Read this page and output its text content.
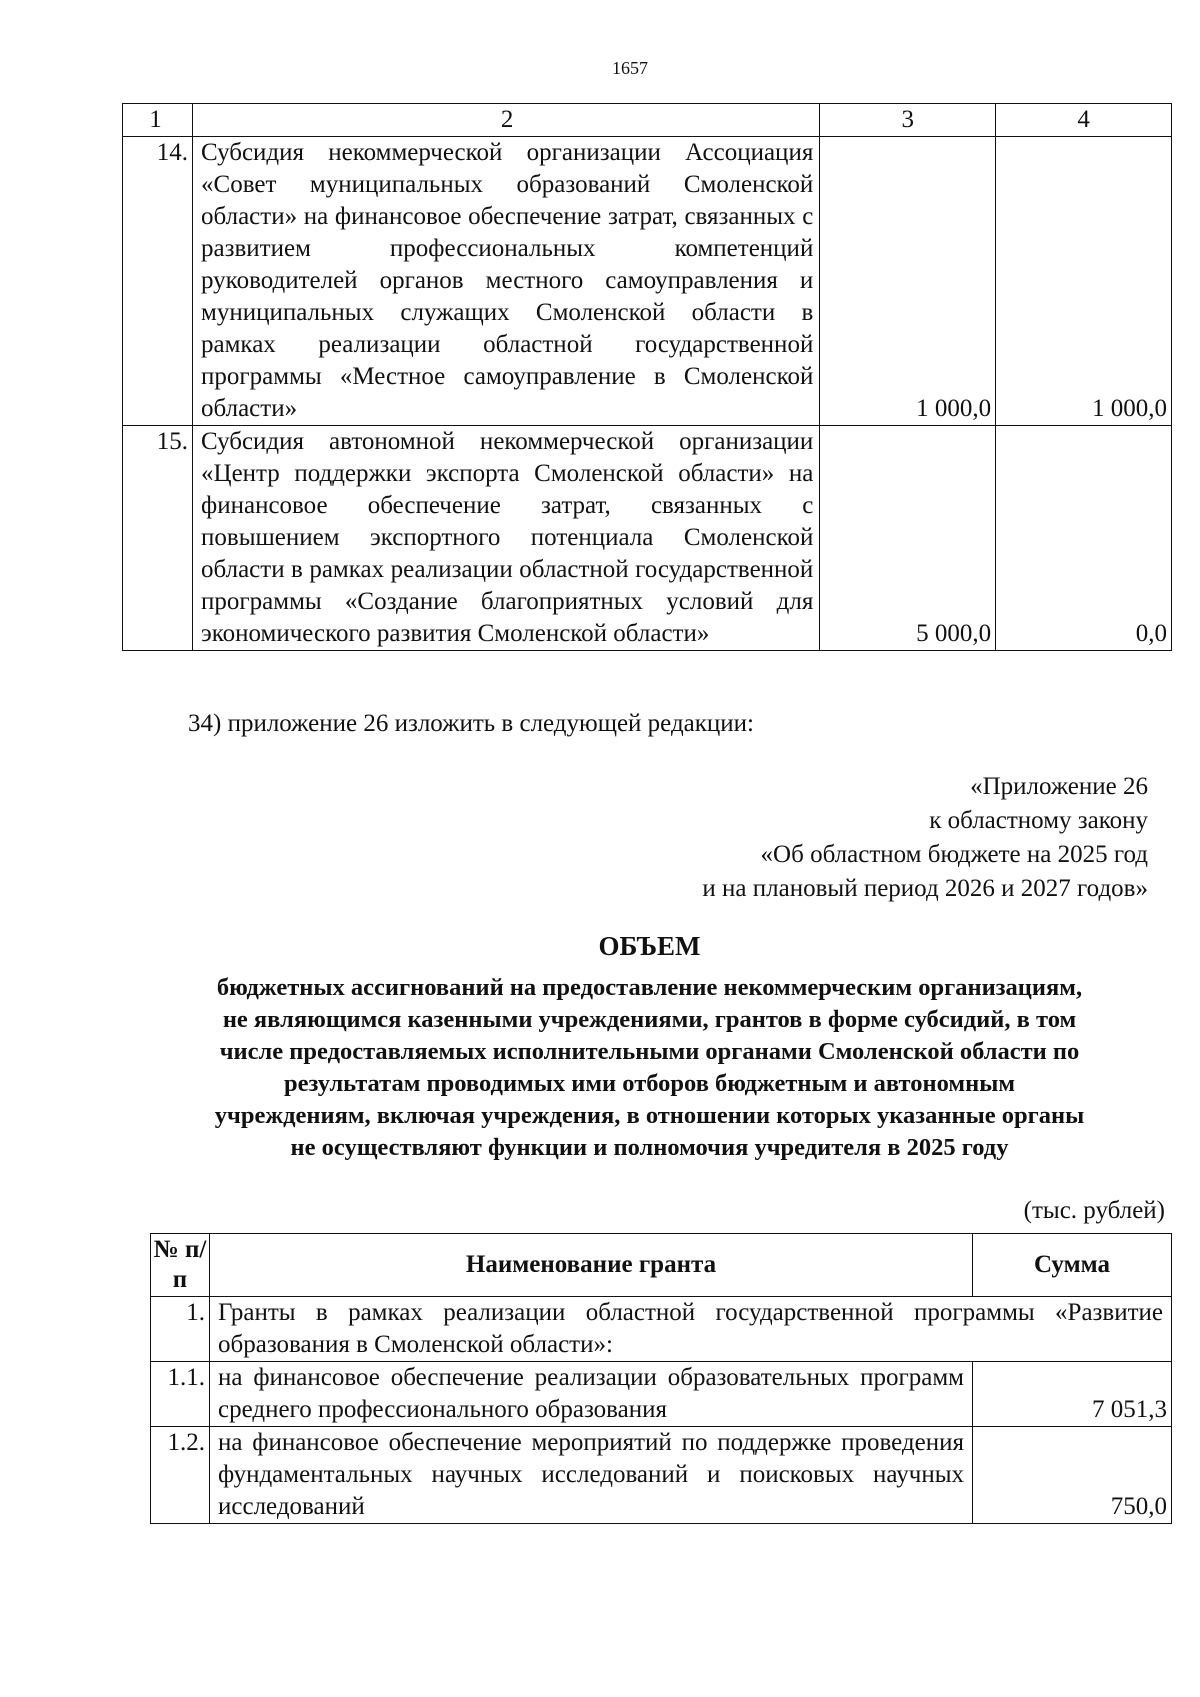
1657
1	2	3	4
14.	Субсидия некоммерческой организации Ассоциация «Совет муниципальных образований Смоленской области» на финансовое обеспечение затрат, связанных с развитием профессиональных компетенций руководителей органов местного самоуправления и муниципальных служащих Смоленской области в рамках реализации областной государственной программы «Местное самоуправление в Смоленской области»	1 000,0	1 000,0
15.	Субсидия автономной некоммерческой организации «Центр поддержки экспорта Смоленской области» на финансовое обеспечение затрат, связанных с повышением экспортного потенциала Смоленской области в рамках реализации областной государственной программы «Создание благоприятных условий для экономического развития Смоленской области»	5 000,0	0,0
34) приложение 26 изложить в следующей редакции:
«Приложение 26
к областному закону
«Об областном бюджете на 2025 год
и на плановый период 2026 и 2027 годов»
ОБЪЕМ
бюджетных ассигнований на предоставление некоммерческим организациям,
не являющимся казенными учреждениями, грантов в форме субсидий, в том
числе предоставляемых исполнительными органами Смоленской области по
результатам проводимых ими отборов бюджетным и автономным
учреждениям, включая учреждения, в отношении которых указанные органы
не осуществляют функции и полномочия учредителя в 2025 году
(тыс. рублей)
№ п/п	Наименование гранта	Сумма
1.	Гранты в рамках реализации областной государственной программы «Развитие образования в Смоленской области»:	
1.1.	на финансовое обеспечение реализации образовательных программ среднего профессионального образования	7 051,3
1.2.	на финансовое обеспечение мероприятий по поддержке проведения фундаментальных научных исследований и поисковых научных исследований	750,0
